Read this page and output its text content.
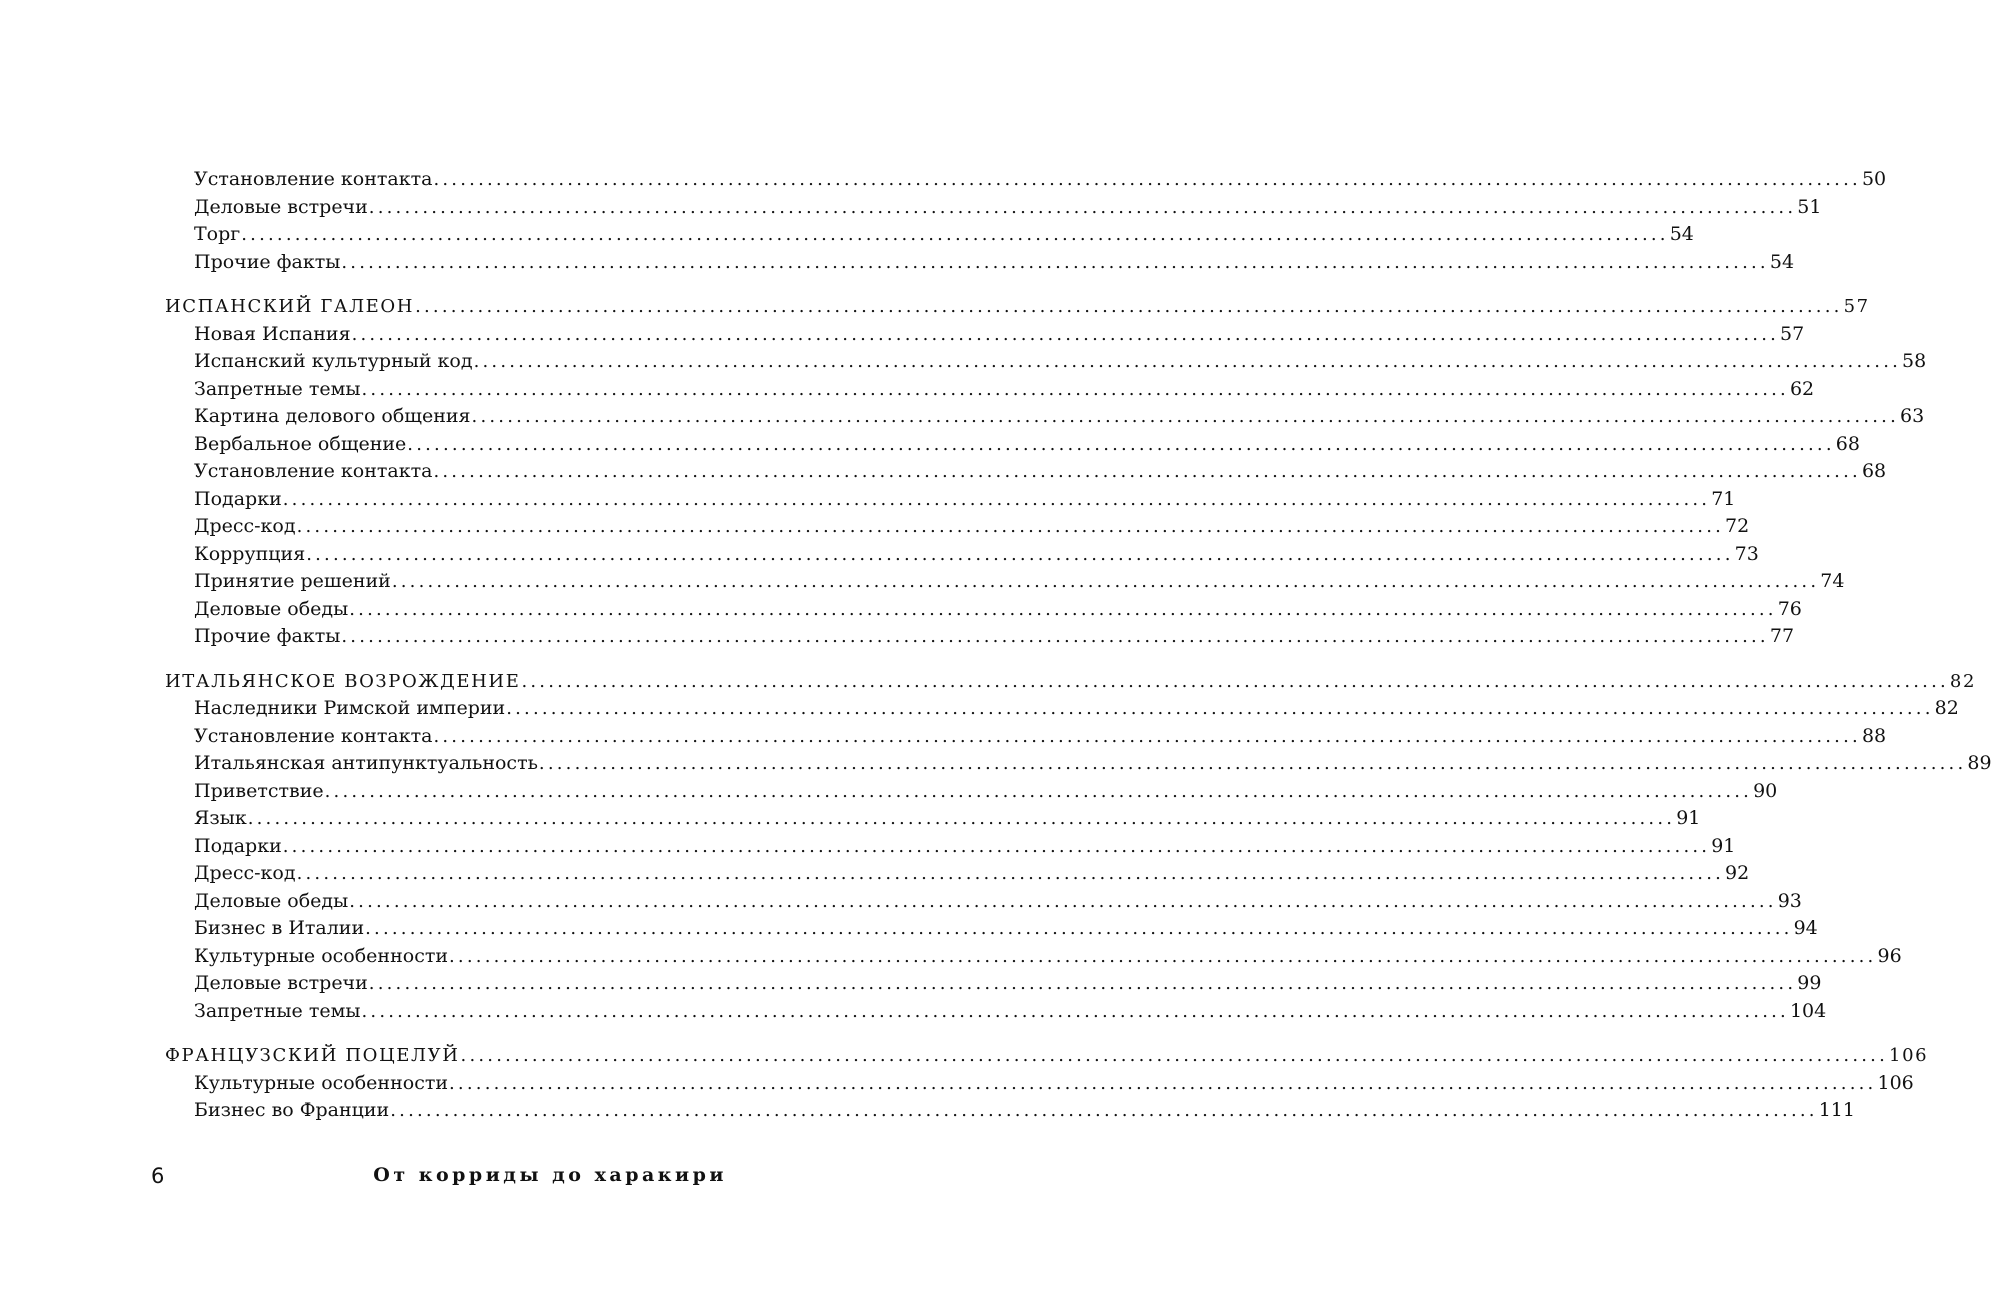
Установление контакта ................................................................................................................................................................ 50
Деловые встречи ................................................................................................................................................................ 51
Торг ................................................................................................................................................................ 54
Прочие факты ................................................................................................................................................................ 54
ИСПАНСКИЙ ГАЛЕОН ................................................................................................................................................................ 57
Новая Испания ................................................................................................................................................................ 57
Испанский культурный код ................................................................................................................................................................ 58
Запретные темы ................................................................................................................................................................ 62
Картина делового общения ................................................................................................................................................................ 63
Вербальное общение ................................................................................................................................................................ 68
Установление контакта ................................................................................................................................................................ 68
Подарки ................................................................................................................................................................ 71
Дресс-код ................................................................................................................................................................ 72
Коррупция ................................................................................................................................................................ 73
Принятие решений ................................................................................................................................................................ 74
Деловые обеды ................................................................................................................................................................ 76
Прочие факты ................................................................................................................................................................ 77
ИТАЛЬЯНСКОЕ ВОЗРОЖДЕНИЕ ................................................................................................................................................................ 82
Наследники Римской империи ................................................................................................................................................................ 82
Установление контакта ................................................................................................................................................................ 88
Итальянская антипунктуальность ................................................................................................................................................................ 89
Приветствие ................................................................................................................................................................ 90
Язык ................................................................................................................................................................ 91
Подарки ................................................................................................................................................................ 91
Дресс-код ................................................................................................................................................................ 92
Деловые обеды ................................................................................................................................................................ 93
Бизнес в Италии ................................................................................................................................................................ 94
Культурные особенности ................................................................................................................................................................ 96
Деловые встречи ................................................................................................................................................................ 99
Запретные темы ................................................................................................................................................................ 104
ФРАНЦУЗСКИЙ ПОЦЕЛУЙ ................................................................................................................................................................ 106
Культурные особенности ................................................................................................................................................................ 106
Бизнес во Франции ................................................................................................................................................................ 111
6	От корриды до харакири
